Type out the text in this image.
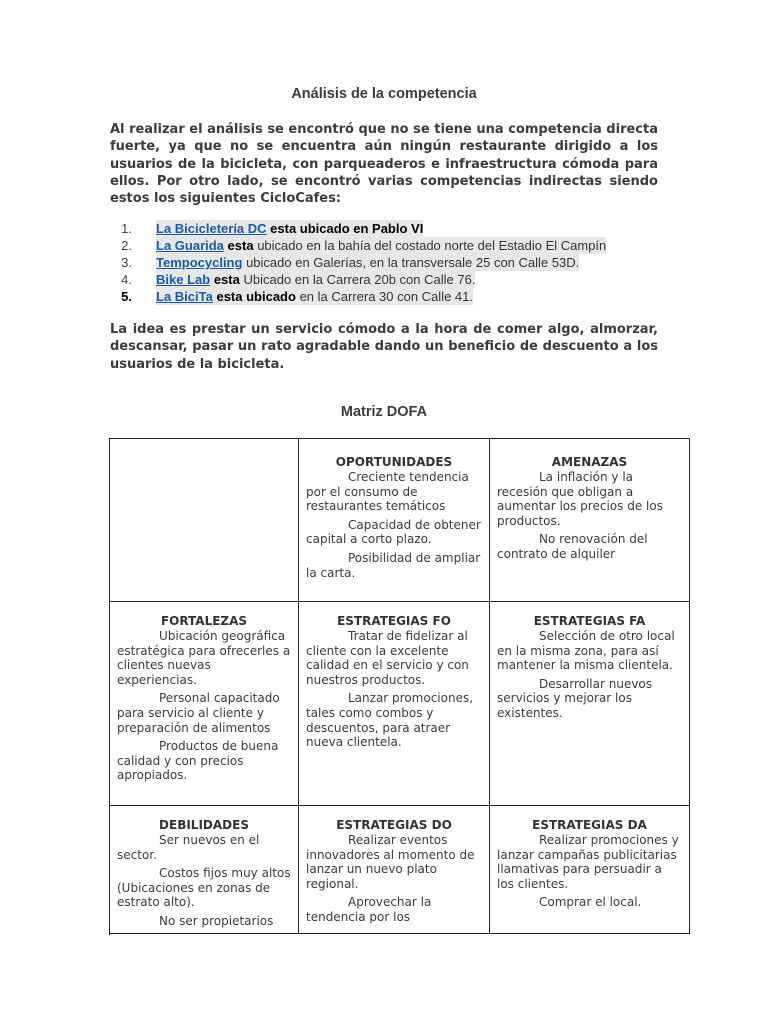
Análisis de la competencia
Al realizar el análisis se encontró que no se tiene una competencia directa fuerte, ya que no se encuentra aún ningún restaurante dirigido a los usuarios de la bicicleta, con parqueaderos e infraestructura cómoda para ellos. Por otro lado, se encontró varias competencias indirectas siendo estos los siguientes CicloCafes:
1. La Bicicletería DC esta ubicado en Pablo VI
2. La Guarida esta ubicado en la bahía del costado norte del Estadio El Campín
3. Tempocycling ubicado en Galerías, en la transversale 25 con Calle 53D.
4. Bike Lab esta Ubicado en la Carrera 20b con Calle 76.
5. La BiciTa esta ubicado en la Carrera 30 con Calle 41.
La idea es prestar un servicio cómodo a la hora de comer algo, almorzar, descansar, pasar un rato agradable dando un beneficio de descuento a los usuarios de la bicicleta.
Matriz DOFA
OPORTUNIDADES

Creciente tendencia por el consumo de restaurantes temáticos

Capacidad de obtener capital a corto plazo.

Posibilidad de ampliar la carta.

AMENAZAS

La inflación y la recesión que obligan a aumentar los precios de los productos.

No renovación del contrato de alquiler

FORTALEZAS

Ubicación geográfica estratégica para ofrecerles a clientes nuevas experiencias.

Personal capacitado para servicio al cliente y preparación de alimentos

Productos de buena calidad y con precios apropiados.

ESTRATEGIAS FO

Tratar de fidelizar al cliente con la excelente calidad en el servicio y con nuestros productos.

Lanzar promociones, tales como combos y descuentos, para atraer nueva clientela.

ESTRATEGIAS FA

Selección de otro local en la misma zona, para así mantener la misma clientela.

Desarrollar nuevos servicios y mejorar los existentes.

DEBILIDADES

Ser nuevos en el sector.

Costos fijos muy altos (Ubicaciones en zonas de estrato alto).

No ser propietarios

ESTRATEGIAS DO

Realizar eventos innovadores al momento de lanzar un nuevo plato regional.

Aprovechar la tendencia por los

ESTRATEGIAS DA

Realizar promociones y lanzar campañas publicitarias llamativas para persuadir a los clientes.

Comprar el local.
